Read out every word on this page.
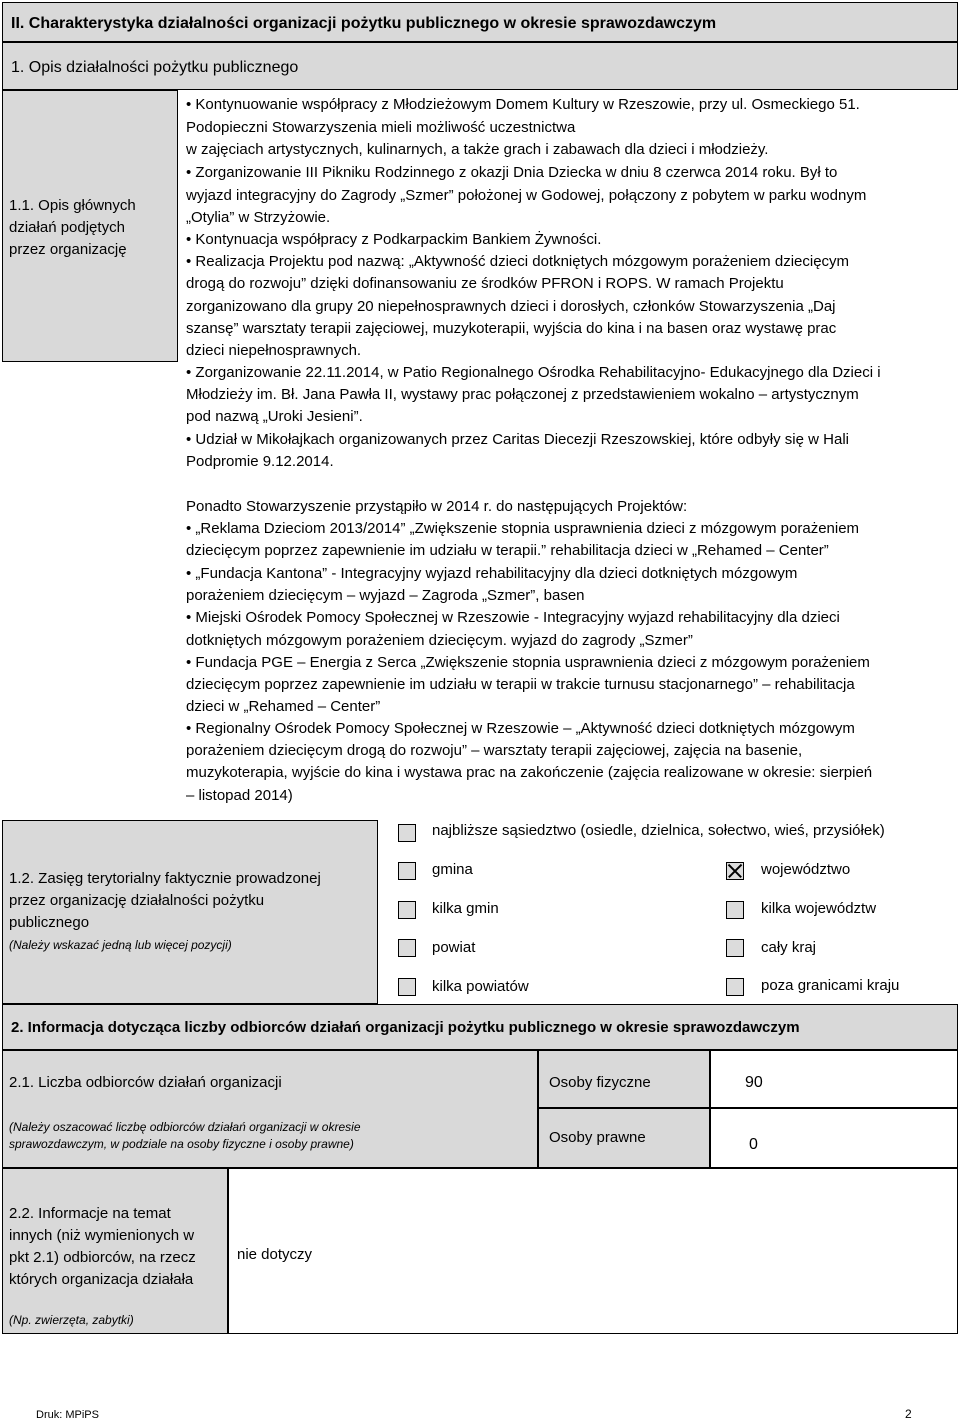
II. Charakterystyka działalności organizacji pożytku publicznego w okresie sprawozdawczym
1. Opis działalności pożytku publicznego
1.1. Opis głównych
działań podjętych
przez organizację
• Kontynuowanie współpracy z Młodzieżowym Domem Kultury w Rzeszowie, przy ul. Osmeckiego 51.
Podopieczni Stowarzyszenia mieli możliwość uczestnictwa
w zajęciach artystycznych, kulinarnych, a także grach i zabawach dla dzieci i młodzieży.
• Zorganizowanie III Pikniku Rodzinnego z okazji Dnia Dziecka w dniu 8 czerwca 2014 roku. Był to
wyjazd integracyjny do Zagrody „Szmer” położonej w Godowej, połączony z pobytem w parku wodnym
„Otylia” w Strzyżowie.
• Kontynuacja współpracy z Podkarpackim Bankiem Żywności.
• Realizacja Projektu pod nazwą: „Aktywność dzieci dotkniętych mózgowym porażeniem dziecięcym
drogą do rozwoju” dzięki dofinansowaniu ze środków PFRON i ROPS. W ramach Projektu
zorganizowano dla grupy 20 niepełnosprawnych dzieci i dorosłych, członków Stowarzyszenia „Daj
szansę” warsztaty terapii zajęciowej, muzykoterapii, wyjścia do kina i na basen oraz wystawę prac
dzieci niepełnosprawnych.
• Zorganizowanie 22.11.2014, w Patio Regionalnego Ośrodka Rehabilitacyjno- Edukacyjnego dla Dzieci i
Młodzieży im. Bł. Jana Pawła II, wystawy prac połączonej z przedstawieniem wokalno – artystycznym
pod nazwą „Uroki Jesieni”.
• Udział w Mikołajkach organizowanych przez Caritas Diecezji Rzeszowskiej, które odbyły się w Hali
Podpromie 9.12.2014.
Ponadto Stowarzyszenie przystąpiło w 2014 r. do następujących Projektów:
• „Reklama Dzieciom 2013/2014” „Zwiększenie stopnia usprawnienia dzieci z mózgowym porażeniem
dziecięcym poprzez zapewnienie im udziału w terapii.” rehabilitacja dzieci w „Rehamed – Center”
• „Fundacja Kantona” - Integracyjny wyjazd rehabilitacyjny dla dzieci dotkniętych mózgowym
porażeniem dziecięcym – wyjazd – Zagroda „Szmer”, basen
• Miejski Ośrodek Pomocy Społecznej w Rzeszowie - Integracyjny wyjazd rehabilitacyjny dla dzieci
dotkniętych mózgowym porażeniem dziecięcym. wyjazd do zagrody „Szmer”
• Fundacja PGE – Energia z Serca „Zwiększenie stopnia usprawnienia dzieci z mózgowym porażeniem
dziecięcym poprzez zapewnienie im udziału w terapii w trakcie turnusu stacjonarnego” – rehabilitacja
dzieci w „Rehamed – Center”
• Regionalny Ośrodek Pomocy Społecznej w Rzeszowie – „Aktywność dzieci dotkniętych mózgowym
porażeniem dziecięcym drogą do rozwoju” – warsztaty terapii zajęciowej, zajęcia na basenie,
muzykoterapia, wyjście do kina i wystawa prac na zakończenie (zajęcia realizowane w okresie: sierpień
– listopad 2014)
1.2. Zasięg terytorialny faktycznie prowadzonej
przez organizację działalności pożytku
publicznego
(Należy wskazać jedną lub więcej pozycji)
najbliższe sąsiedztwo (osiedle, dzielnica, sołectwo, wieś, przysiółek)
gmina
kilka gmin
powiat
kilka powiatów
województwo
kilka województw
cały kraj
poza granicami kraju
2. Informacja dotycząca liczby odbiorców działań organizacji pożytku publicznego w okresie sprawozdawczym
2.1. Liczba odbiorców działań organizacji
(Należy oszacować liczbę odbiorców działań organizacji w okresie
sprawozdawczym, w podziale na osoby fizyczne i osoby prawne)
Osoby fizyczne	90
Osoby prawne	0
2.2. Informacje na temat
innych (niż wymienionych w
pkt 2.1) odbiorców, na rzecz
których organizacja działała
(Np. zwierzęta, zabytki)
nie dotyczy
Druk: MPiPS	2
